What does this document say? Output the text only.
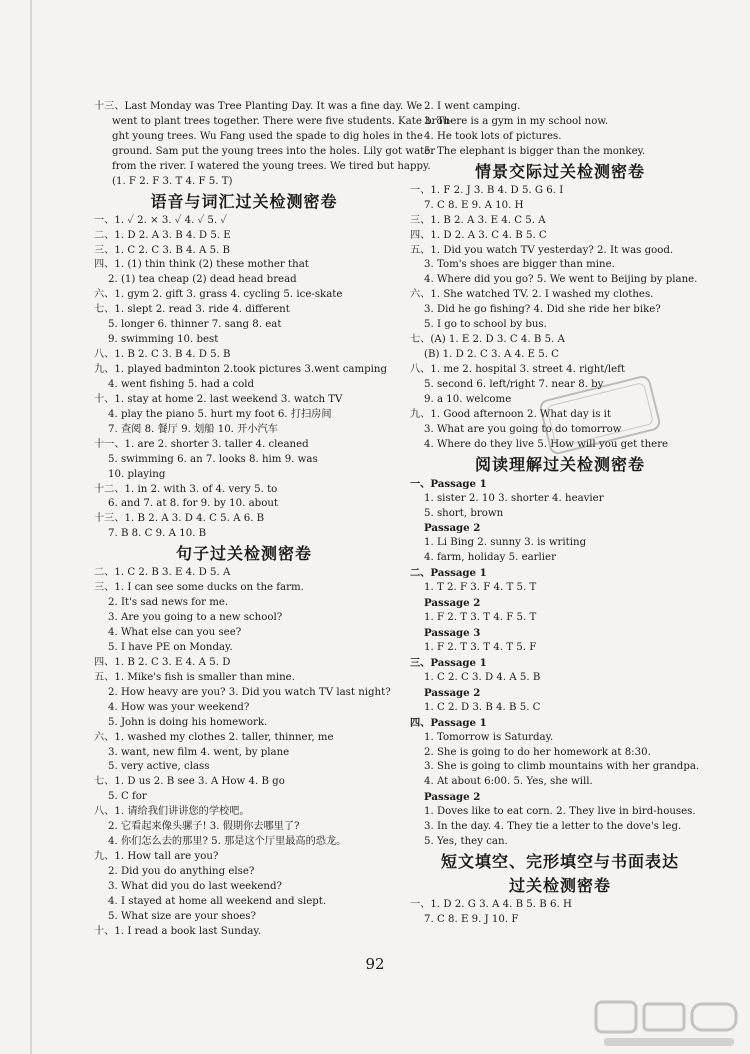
十三、Last Monday was Tree Planting Day. It was a fine day. We
went to plant trees together. There were five students. Kate brou-
ght young trees. Wu Fang used the spade to dig holes in the
ground. Sam put the young trees into the holes. Lily got water
from the river. I watered the young trees. We tired but happy.
(1. F 2. F 3. T 4. F 5. T)
语音与词汇过关检测密卷
一、1. ✓ 2. × 3. ✓ 4. ✓ 5. ✓
二、1. D 2. A 3. B 4. D 5. E
三、1. C 2. C 3. B 4. A 5. B
四、1. (1) thin think (2) these mother that
2. (1) tea cheap (2) dead head bread
六、1. gym 2. gift 3. grass 4. cycling 5. ice-skate
七、1. slept 2. read 3. ride 4. different
5. longer 6. thinner 7. sang 8. eat
9. swimming 10. best
八、1. B 2. C 3. B 4. D 5. B
九、1. played badminton 2.took pictures 3.went camping
4. went fishing 5. had a cold
十、1. stay at home 2. last weekend 3. watch TV
4. play the piano 5. hurt my foot 6. 打扫房间
7. 查阅 8. 餐厅 9. 划船 10. 开小汽车
十一、1. are 2. shorter 3. taller 4. cleaned
5. swimming 6. an 7. looks 8. him 9. was
10. playing
十二、1. in 2. with 3. of 4. very 5. to
6. and 7. at 8. for 9. by 10. about
十三、1. B 2. A 3. D 4. C 5. A 6. B
7. B 8. C 9. A 10. B
句子过关检测密卷
二、1. C 2. B 3. E 4. D 5. A
三、1. I can see some ducks on the farm.
2. It's sad news for me.
3. Are you going to a new school?
4. What else can you see?
5. I have PE on Monday.
四、1. B 2. C 3. E 4. A 5. D
五、1. Mike's fish is smaller than mine.
2. How heavy are you? 3. Did you watch TV last night?
4. How was your weekend?
5. John is doing his homework.
六、1. washed my clothes 2. taller, thinner, me
3. want, new film 4. went, by plane
5. very active, class
七、1. D us 2. B see 3. A How 4. B go
5. C for
八、1. 请给我们讲讲您的学校吧。
2. 它看起来像头骡子! 3. 假期你去哪里了?
4. 你们怎么去的那里? 5. 那是这个厅里最高的恐龙。
九、1. How tall are you?
2. Did you do anything else?
3. What did you do last weekend?
4. I stayed at home all weekend and slept.
5. What size are your shoes?
十、1. I read a book last Sunday.
2. I went camping.
3. There is a gym in my school now.
4. He took lots of pictures.
5. The elephant is bigger than the monkey.
情景交际过关检测密卷
一、1. F 2. J 3. B 4. D 5. G 6. I
7. C 8. E 9. A 10. H
三、1. B 2. A 3. E 4. C 5. A
四、1. D 2. A 3. C 4. B 5. C
五、1. Did you watch TV yesterday? 2. It was good.
3. Tom's shoes are bigger than mine.
4. Where did you go? 5. We went to Beijing by plane.
六、1. She watched TV. 2. I washed my clothes.
3. Did he go fishing? 4. Did she ride her bike?
5. I go to school by bus.
七、(A) 1. E 2. D 3. C 4. B 5. A
(B) 1. D 2. C 3. A 4. E 5. C
八、1. me 2. hospital 3. street 4. right/left
5. second 6. left/right 7. near 8. by
9. a 10. welcome
九、1. Good afternoon 2. What day is it
3. What are you going to do tomorrow
4. Where do they live 5. How will you get there
阅读理解过关检测密卷
一、Passage 1
1. sister 2. 10 3. shorter 4. heavier
5. short, brown
Passage 2
1. Li Bing 2. sunny 3. is writing
4. farm, holiday 5. earlier
二、Passage 1
1. T 2. F 3. F 4. T 5. T
Passage 2
1. F 2. T 3. T 4. F 5. T
Passage 3
1. F 2. T 3. T 4. T 5. F
三、Passage 1
1. C 2. C 3. D 4. A 5. B
Passage 2
1. C 2. D 3. B 4. B 5. C
四、Passage 1
1. Tomorrow is Saturday.
2. She is going to do her homework at 8:30.
3. She is going to climb mountains with her grandpa.
4. At about 6:00. 5. Yes, she will.
Passage 2
1. Doves like to eat corn. 2. They live in bird-houses.
3. In the day. 4. They tie a letter to the dove's leg.
5. Yes, they can.
短文填空、完形填空与书面表达
过关检测密卷
一、1. D 2. G 3. A 4. B 5. B 6. H
7. C 8. E 9. J 10. F
92
